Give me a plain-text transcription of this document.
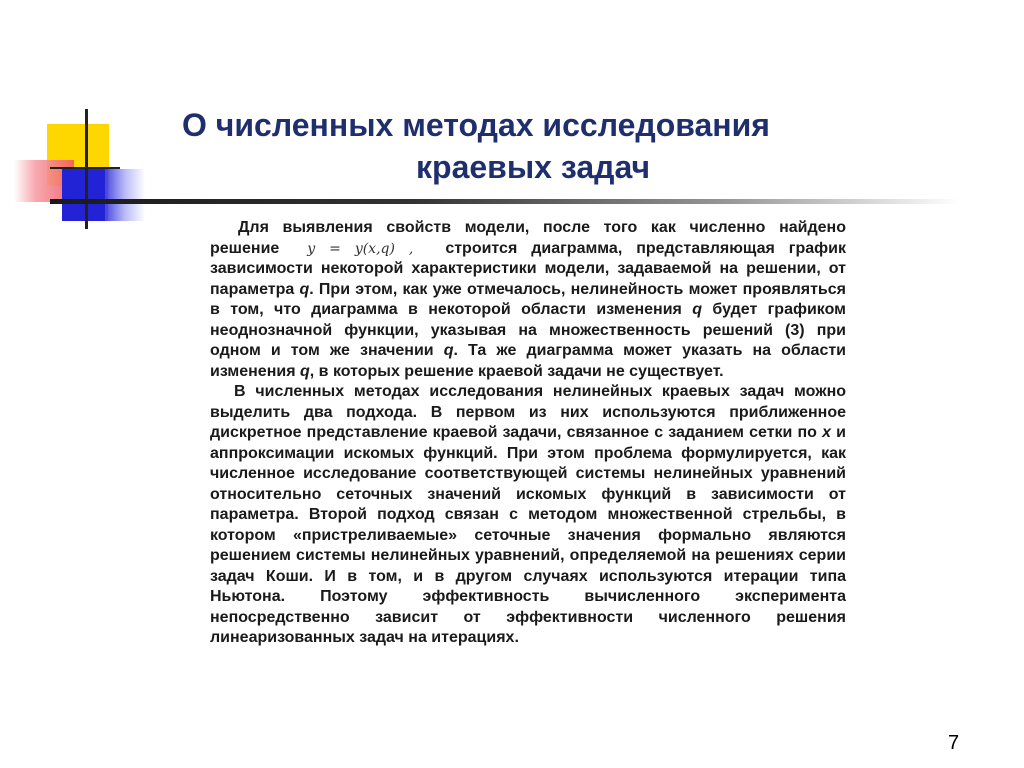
О численных методах исследования
краевых задач

Для выявления свойств модели, после того как численно найдено решение y = y(x,q) , строится диаграмма, представляющая график зависимости некоторой характеристики модели, задаваемой на решении, от параметра q. При этом, как уже отмечалось, нелинейность может проявляться в том, что диаграмма в некоторой области изменения q будет графиком неоднозначной функции, указывая на множественность решений (3) при одном и том же значении q. Та же диаграмма может указать на области изменения q, в которых решение краевой задачи не существует.

В численных методах исследования нелинейных краевых задач можно выделить два подхода. В первом из них используются приближенное дискретное представление краевой задачи, связанное с заданием сетки по х и аппроксимации искомых функций. При этом проблема формулируется, как численное исследование соответствующей системы нелинейных уравнений относительно сеточных значений искомых функций в зависимости от параметра. Второй подход связан с методом множественной стрельбы, в котором «пристреливаемые» сеточные значения формально являются решением системы нелинейных уравнений, определяемой на решениях серии задач Коши. И в том, и в другом случаях используются итерации типа Ньютона. Поэтому эффективность вычисленного эксперимента непосредственно зависит от эффективности численного решения линеаризованных задач на итерациях.

7
